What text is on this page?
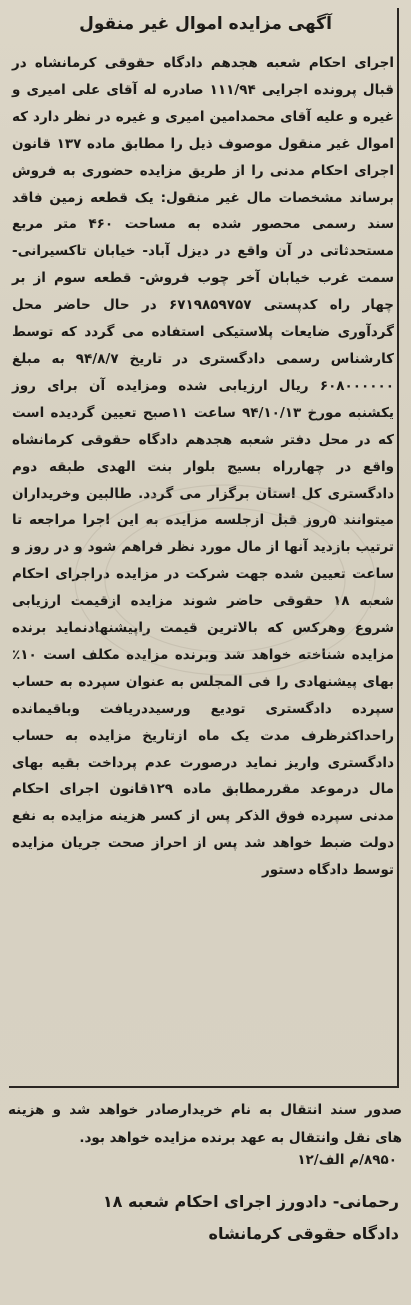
آگهی مزایده اموال غیر منقول
اجرای احکام شعبه هجدهم دادگاه حقوقی کرمانشاه در قبال پرونده اجرایی ۱۱۱/۹۴ صادره له آقای علی امیری و غیره و علیه آقای محمدامین امیری و غیره در نظر دارد که اموال غیر منقول موصوف ذیل را مطابق ماده ۱۳۷ قانون اجرای احکام مدنی را از طریق مزایده حضوری به فروش برساند مشخصات مال غیر منقول: یک قطعه زمین فاقد سند رسمی محصور شده به مساحت ۴۶۰ متر مربع مستحدثاتی در آن واقع در دیزل آباد- خیابان تاکسیرانی- سمت غرب خیابان آخر چوب فروش- قطعه سوم از بر چهار راه کدپستی ۶۷۱۹۸۵۹۷۵۷ در حال حاضر محل گردآوری ضایعات پلاستیکی استفاده می گردد که توسط کارشناس رسمی دادگستری در تاریخ ۹۴/۸/۷ به مبلغ ۶۰۸۰۰۰۰۰۰ ریال ارزیابی شده ومزایده آن برای روز یکشنبه مورخ ۹۴/۱۰/۱۳ ساعت ۱۱صبح تعیین گردیده است که در محل دفتر شعبه هجدهم دادگاه حقوقی کرمانشاه واقع در چهارراه بسیج بلوار بنت الهدی طبقه دوم دادگستری کل استان برگزار می گردد. طالبین وخریداران میتوانند ۵روز قبل ازجلسه مزایده به این اجرا مراجعه تا ترتیب بازدید آنها از مال مورد نظر فراهم شود و در روز و ساعت تعیین شده جهت شرکت در مزایده دراجرای احکام شعبه ۱۸ حقوقی حاضر شوند مزایده ازقیمت ارزیابی شروع وهرکس که بالاترین قیمت راپیشنهادنماید برنده مزایده شناخته خواهد شد وبرنده مزایده مکلف است ۱۰٪ بهای پیشنهادی را فی المجلس به عنوان سپرده به حساب سپرده دادگستری تودیع ورسیددریافت وباقیمانده راحداکثرظرف مدت یک ماه ازتاریخ مزایده به حساب دادگستری واریز نماید درصورت عدم پرداخت بقیه بهای مال درموعد مقررمطابق ماده ۱۲۹قانون اجرای احکام مدنی سپرده فوق الذکر پس از کسر هزینه مزایده به نفع دولت ضبط خواهد شد پس از احراز صحت جریان مزایده توسط دادگاه دستور
صدور سند انتقال به نام خریدارصادر خواهد شد و هزینه های نقل وانتقال به عهد برنده مزایده خواهد بود.
۸۹۵۰/م الف/۱۲
رحمانی- دادورز اجرای احکام شعبه ۱۸
دادگاه حقوقی کرمانشاه
